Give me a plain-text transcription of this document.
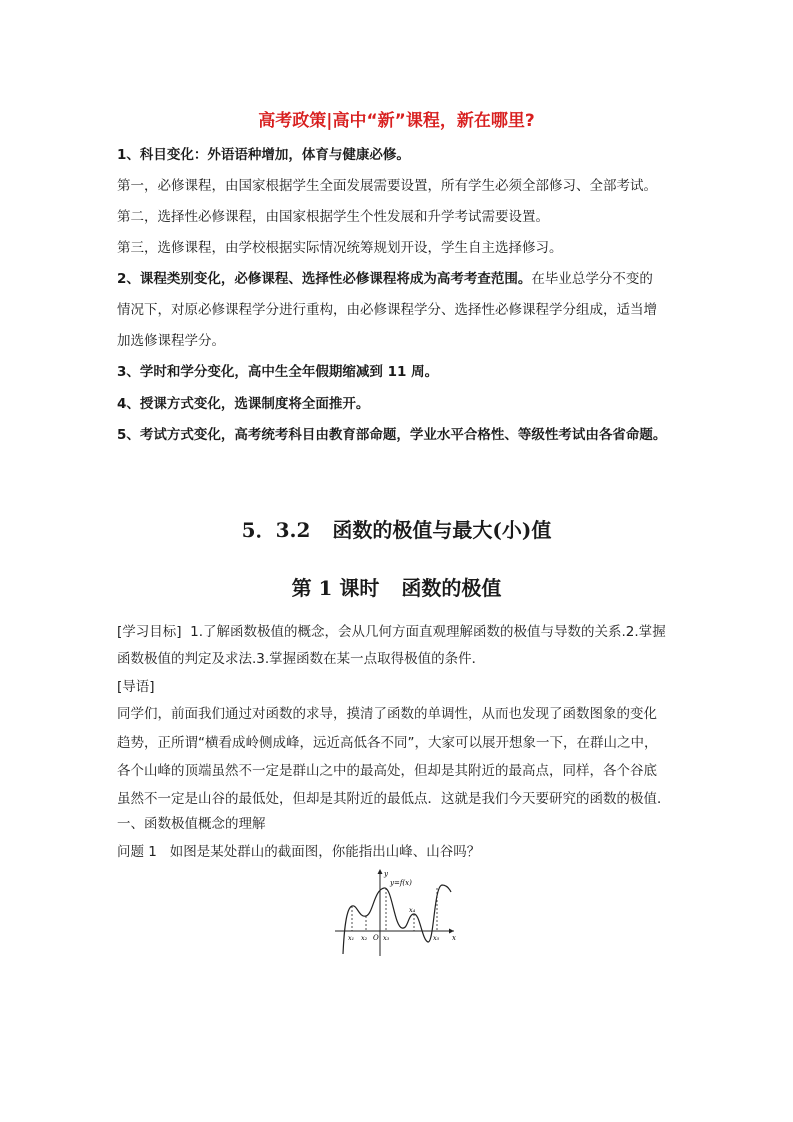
高考政策|高中“新”课程，新在哪里?
1、科目变化：外语语种增加，体育与健康必修。
第一，必修课程，由国家根据学生全面发展需要设置，所有学生必须全部修习、全部考试。
第二，选择性必修课程，由国家根据学生个性发展和升学考试需要设置。
第三，选修课程，由学校根据实际情况统筹规划开设，学生自主选择修习。
2、课程类别变化，必修课程、选择性必修课程将成为高考考查范围。在毕业总学分不变的
情况下，对原必修课程学分进行重构，由必修课程学分、选择性必修课程学分组成，适当增
加选修课程学分。
3、学时和学分变化，高中生全年假期缩减到 11 周。
4、授课方式变化，选课制度将全面推开。
5、考试方式变化，高考统考科目由教育部命题，学业水平合格性、等级性考试由各省命题。
5．3.2 函数的极值与最大(小)值
第 1 课时 函数的极值
[学习目标] 1.了解函数极值的概念，会从几何方面直观理解函数的极值与导数的关系.2.掌握
函数极值的判定及求法.3.掌握函数在某一点取得极值的条件．
[导语]
同学们，前面我们通过对函数的求导，摸清了函数的单调性，从而也发现了函数图象的变化
趋势，正所谓“横看成岭侧成峰，远近高低各不同”，大家可以展开想象一下，在群山之中，
各个山峰的顶端虽然不一定是群山之中的最高处，但却是其附近的最高点，同样，各个谷底
虽然不一定是山谷的最低处，但却是其附近的最低点．这就是我们今天要研究的函数的极值．
一、函数极值概念的理解
问题 1 如图是某处群山的截面图，你能指出山峰、山谷吗？
y
x
y=f(x)
O
x₁ x₂ x₃
x₄
x₅
